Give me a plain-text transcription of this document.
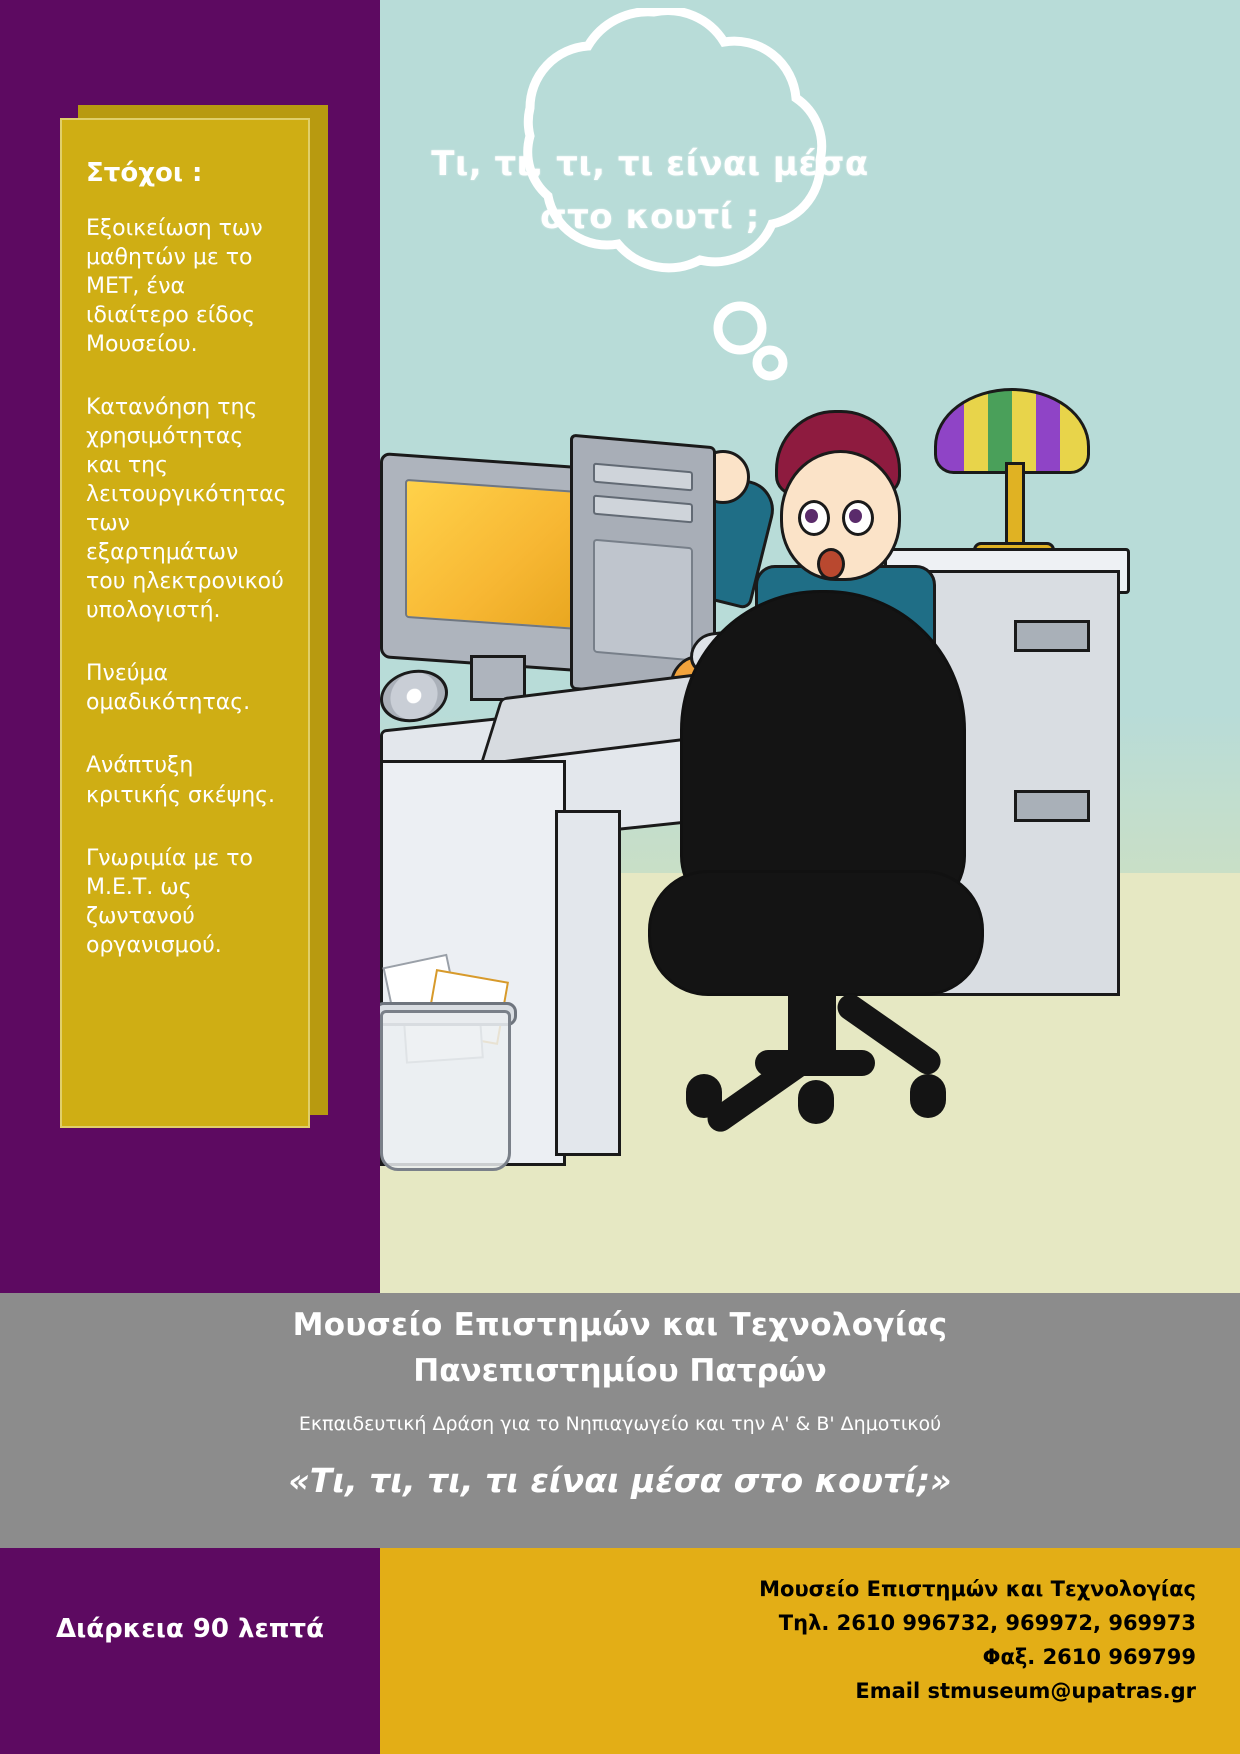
Τι, τι, τι, τι είναι μέσα στο κουτί ;
Στόχοι :
Εξοικείωση των μαθητών με το ΜΕΤ, ένα ιδιαίτερο είδος Μουσείου.
Κατανόηση της χρησιμότητας και της λειτουργικότητας των εξαρτημάτων του ηλεκτρονικού υπολογιστή.
Πνεύμα ομαδικότητας.
Ανάπτυξη κριτικής σκέψης.
Γνωριμία με το Μ.Ε.Τ. ως ζωντανού οργανισμού.
Μουσείο Επιστημών και Τεχνολογίας
Πανεπιστημίου Πατρών
Εκπαιδευτική Δράση για το Νηπιαγωγείο και την Α' & Β' Δημοτικού
«Τι, τι, τι, τι είναι μέσα στο κουτί;»
Διάρκεια 90 λεπτά
Μουσείο Επιστημών και Τεχνολογίας
Τηλ. 2610 996732, 969972, 969973
Φαξ. 2610 969799
Email stmuseum@upatras.gr
